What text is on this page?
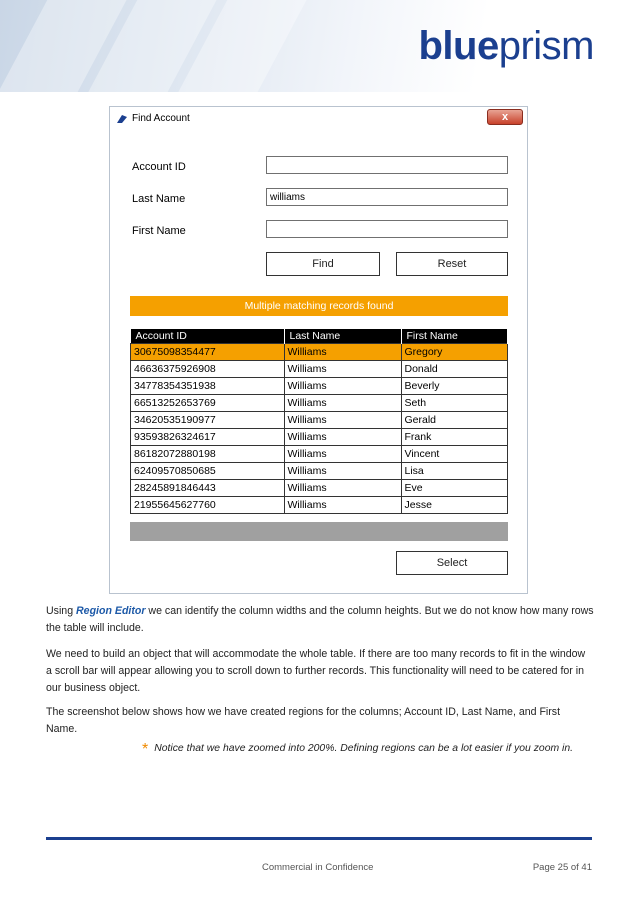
blueprism
Find Account	x
Account ID
Last Name
williams
First Name
Find	Reset
Multiple matching records found
Account ID	Last Name	First Name
30675098354477	Williams	Gregory
46636375926908	Williams	Donald
34778354351938	Williams	Beverly
66513252653769	Williams	Seth
34620535190977	Williams	Gerald
93593826324617	Williams	Frank
86182072880198	Williams	Vincent
62409570850685	Williams	Lisa
28245891846443	Williams	Eve
21955645627760	Williams	Jesse
Select
Using Region Editor we can identify the column widths and the column heights. But we do not know how many rows the table will include.
We need to build an object that will accommodate the whole table. If there are too many records to fit in the window a scroll bar will appear allowing you to scroll down to further records. This functionality will need to be catered for in our business object.
The screenshot below shows how we have created regions for the columns; Account ID, Last Name, and First Name.
* Notice that we have zoomed into 200%. Defining regions can be a lot easier if you zoom in.
Commercial in Confidence	Page 25 of 41
